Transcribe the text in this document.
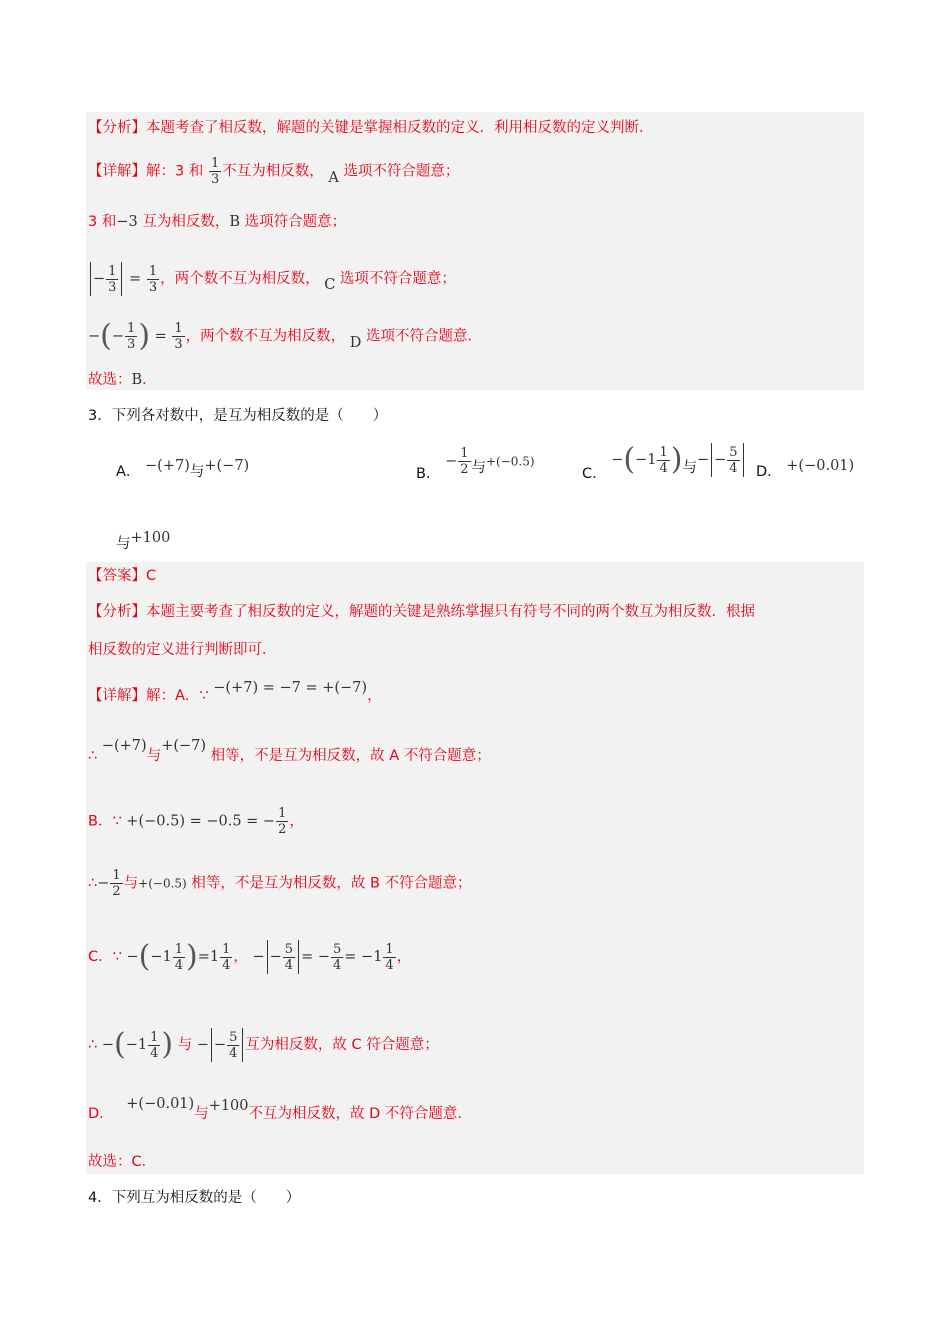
【分析】本题考查了相反数，解题的关键是掌握相反数的定义．利用相反数的定义判断．
【详解】解：3 和 $\frac{1}{3}$ 不互为相反数， A 选项不符合题意；
3 和−3 互为相反数，B 选项符合题意；
− $\frac{1}{3} = \frac{1}{3}$ ，两个数不互为相反数， C 选项不符合题意；
−(− $\frac{1}{3}$ ) = $\frac{1}{3}$ ，两个数不互为相反数， D 选项不符合题意．
故选：B．
3．下列各对数中，是互为相反数的是（　　）
A． −(+7)与+(−7)	B． − $\frac{1}{2}$ 与+(−0.5)
C． $-(-1 \frac{1}{4}$ )与− − $\frac{5}{4}$ D． +(−0.01)
与+100
【答案】C
【分析】本题主要考查了相反数的定义，解题的关键是熟练掌握只有符号不同的两个数互为相反数．根据
相反数的定义进行判断即可．
【详解】解：A．∵ −(+7) = −7 = +(−7)，
∴ −(+7)与+(−7) 相等，不是互为相反数，故 A 不符合题意；
B．∵ +(−0.5) = −0.5 = − $\frac{1}{2}$ ，
∴− $\frac{1}{2}$ 与+(−0.5) 相等，不是互为相反数，故 B 不符合题意；
C．∵ $-(-1 \frac{1}{4} )=1 \frac{1}{4}$ ， − − $\frac{5}{4}$ = − $\frac{5}{4} = -1 \frac{1}{4}$ ，
∴ $-(-1 \frac{1}{4}$ ) 与 − − $\frac{5}{4}$ 互为相反数，故 C 符合题意；
D． +(−0.01)与+100不互为相反数，故 D 不符合题意．
故选：C．
4．下列互为相反数的是（　　）
